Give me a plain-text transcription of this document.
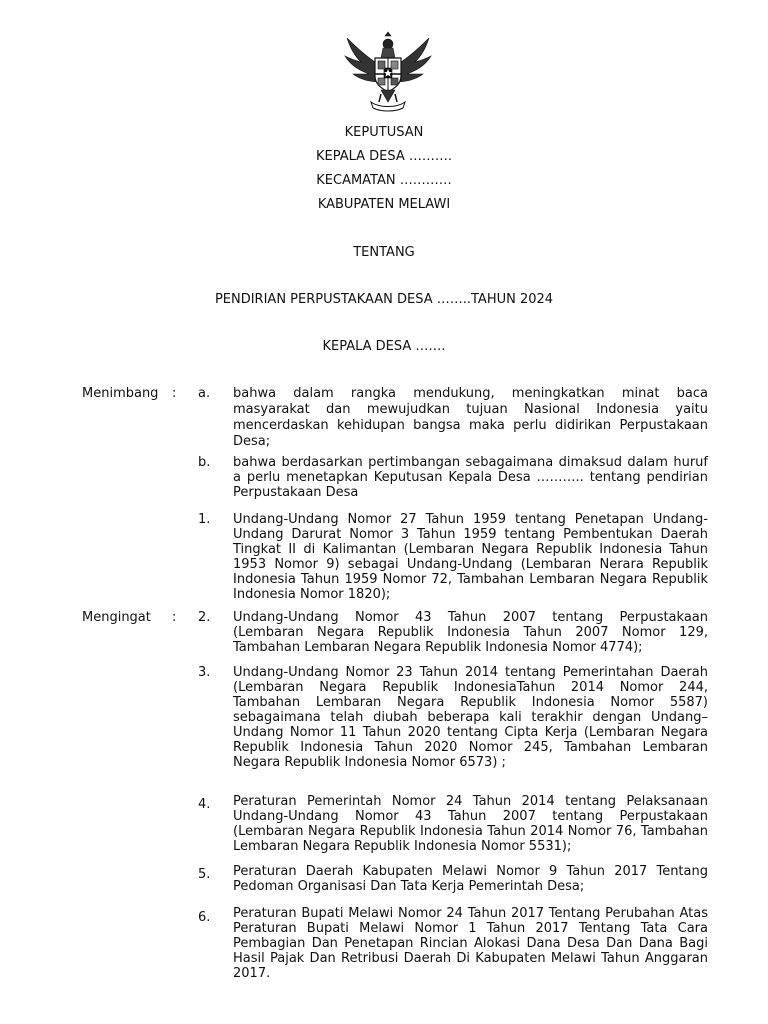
KEPUTUSAN
KEPALA DESA ……….
KECAMATAN …………
KABUPATEN MELAWI
TENTANG
PENDIRIAN PERPUSTAKAAN DESA ……..TAHUN 2024
KEPALA DESA …….
Menimbang : a. bahwa dalam rangka mendukung, meningkatkan minat baca masyarakat dan mewujudkan tujuan Nasional Indonesia yaitu mencerdaskan kehidupan bangsa maka perlu didirikan Perpustakaan Desa;
b. bahwa berdasarkan pertimbangan sebagaimana dimaksud dalam huruf a perlu menetapkan Keputusan Kepala Desa ……….. tentang pendirian Perpustakaan Desa
Mengingat :
1. Undang-Undang Nomor 27 Tahun 1959 tentang Penetapan Undang-Undang Darurat Nomor 3 Tahun 1959 tentang Pembentukan Daerah Tingkat II di Kalimantan (Lembaran Negara Republik Indonesia Tahun 1953 Nomor 9) sebagai Undang-Undang (Lembaran Nerara Republik Indonesia Tahun 1959 Nomor 72, Tambahan Lembaran Negara Republik Indonesia Nomor 1820);
2. Undang-Undang Nomor 43 Tahun 2007 tentang Perpustakaan (Lembaran Negara Republik Indonesia Tahun 2007 Nomor 129, Tambahan Lembaran Negara Republik Indonesia Nomor 4774);
3. Undang-Undang Nomor 23 Tahun 2014 tentang Pemerintahan Daerah (Lembaran Negara Republik IndonesiaTahun 2014 Nomor 244, Tambahan Lembaran Negara Republik Indonesia Nomor 5587) sebagaimana telah diubah beberapa kali terakhir dengan Undang–Undang Nomor 11 Tahun 2020 tentang Cipta Kerja (Lembaran Negara Republik Indonesia Tahun 2020 Nomor 245, Tambahan Lembaran Negara Republik Indonesia Nomor 6573) ;
4. Peraturan Pemerintah Nomor 24 Tahun 2014 tentang Pelaksanaan Undang-Undang Nomor 43 Tahun 2007 tentang Perpustakaan (Lembaran Negara Republik Indonesia Tahun 2014 Nomor 76, Tambahan Lembaran Negara Republik Indonesia Nomor 5531);
5. Peraturan Daerah Kabupaten Melawi Nomor 9 Tahun 2017 Tentang Pedoman Organisasi Dan Tata Kerja Pemerintah Desa;
6. Peraturan Bupati Melawi Nomor 24 Tahun 2017 Tentang Perubahan Atas Peraturan Bupati Melawi Nomor 1 Tahun 2017 Tentang Tata Cara Pembagian Dan Penetapan Rincian Alokasi Dana Desa Dan Dana Bagi Hasil Pajak Dan Retribusi Daerah Di Kabupaten Melawi Tahun Anggaran 2017.
